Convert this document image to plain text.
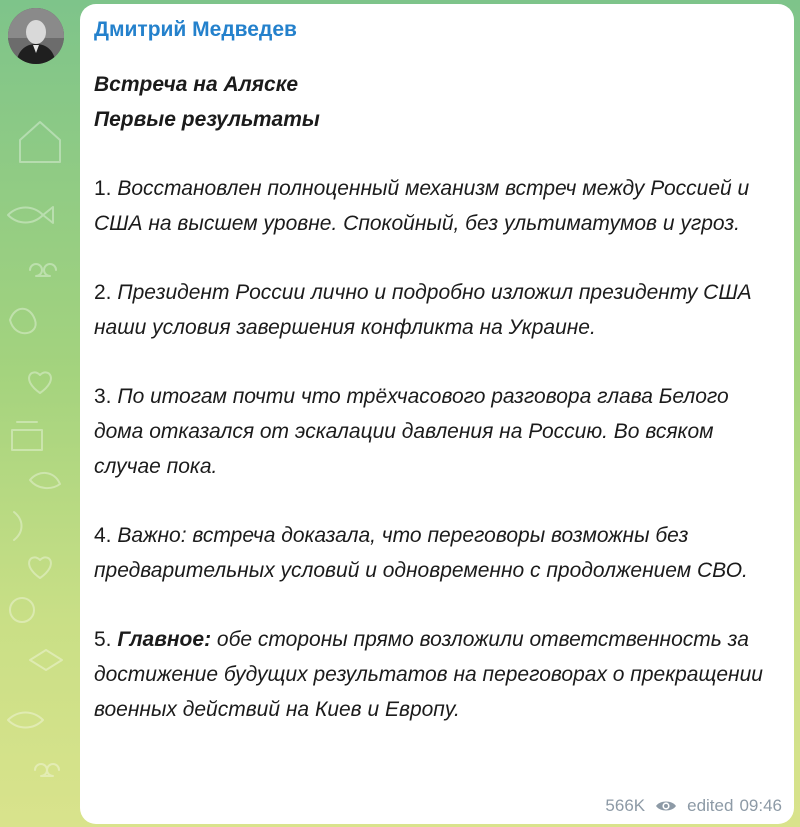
Дмитрий Медведев

Встреча на Аляске

Первые результаты

1. Восстановлен полноценный механизм встреч между Россией и США на высшем уровне. Спокойный, без ультиматумов и угроз.

2. Президент России лично и подробно изложил президенту США наши условия завершения конфликта на Украине.

3. По итогам почти что трёхчасового разговора глава Белого дома отказался от эскалации давления на Россию. Во всяком случае пока.

4. Важно: встреча доказала, что переговоры возможны без предварительных условий и одновременно с продолжением СВО.

5. Главное: обе стороны прямо возложили ответственность за достижение будущих результатов на переговорах о прекращении военных действий на Киев и Европу.

566K edited 09:46
